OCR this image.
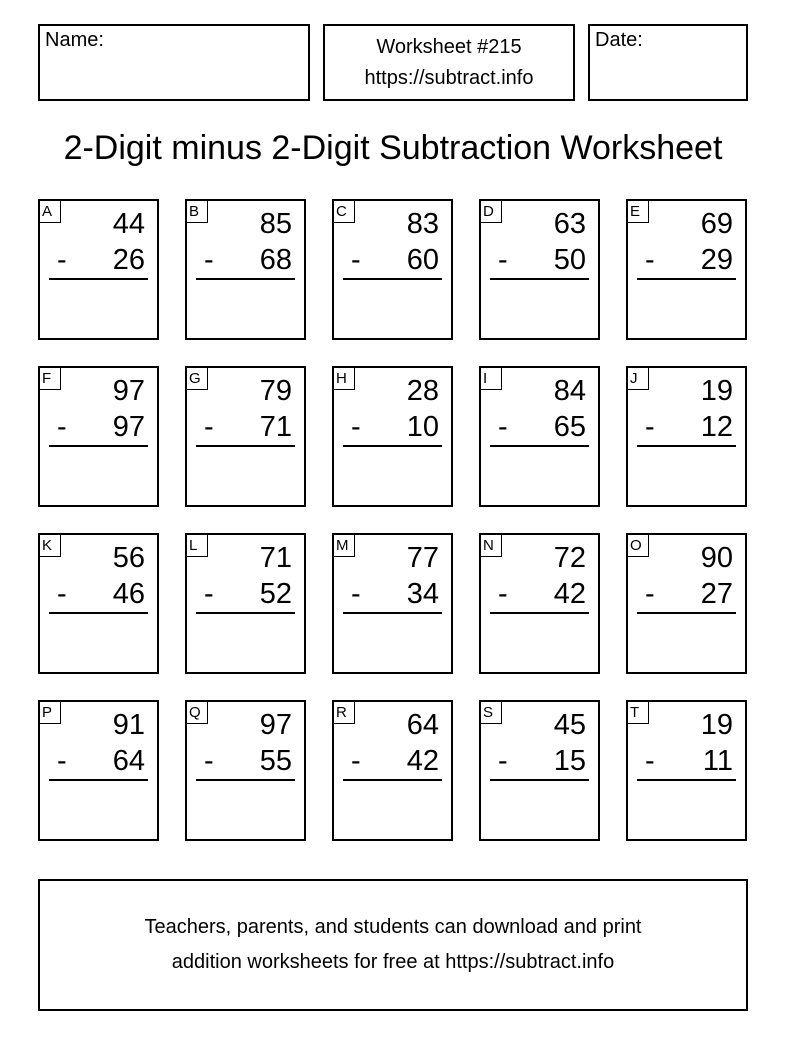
Name:	Worksheet #215
https://subtract.info
Date:
2-Digit minus 2-Digit Subtraction Worksheet
A	44
- 26
B	85
- 68
C 83
- 60
D 63
- 50
E	69
- 29
F	97
- 97
G 79
- 71
H 28
- 10
I	84
- 65
J	19
- 12
K	56
- 46
L	71
- 52
M 77
- 34
N 72
- 42
O 90
- 27
P	91
- 64
Q 97
- 55
R 64
- 42
S	45
- 15
T	19
- 11
Teachers, parents, and students can download and print
addition worksheets for free at https://subtract.info
